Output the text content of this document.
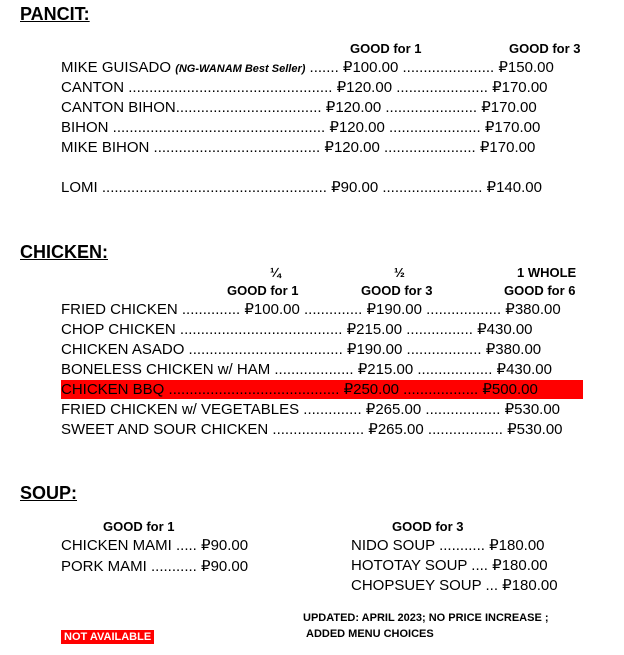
PANCIT:
GOOD for 1	GOOD for 3
MIKE GUISADO (NG-WANAM Best Seller) ....... ₽100.00 ...................... ₽150.00
CANTON ................................................. ₽120.00 ...................... ₽170.00
CANTON BIHON................................... ₽120.00 ...................... ₽170.00
BIHON ................................................... ₽120.00 ...................... ₽170.00
MIKE BIHON ........................................ ₽120.00 ...................... ₽170.00
LOMI ...................................................... ₽90.00 ........................ ₽140.00
CHICKEN:
¼	½	1 WHOLE
GOOD for 1	GOOD for 3	GOOD for 6
FRIED CHICKEN .............. ₽100.00 .............. ₽190.00 .................. ₽380.00
CHOP CHICKEN ....................................... ₽215.00 ................ ₽430.00
CHICKEN ASADO ..................................... ₽190.00 .................. ₽380.00
BONELESS CHICKEN w/ HAM ................... ₽215.00 .................. ₽430.00
CHICKEN BBQ ......................................... ₽250.00 .................. ₽500.00
FRIED CHICKEN w/ VEGETABLES .............. ₽265.00 .................. ₽530.00
SWEET AND SOUR CHICKEN ...................... ₽265.00 .................. ₽530.00
SOUP:
GOOD for 1	GOOD for 3
CHICKEN MAMI ..... ₽90.00
PORK MAMI ........... ₽90.00
NIDO SOUP ........... ₽180.00
HOTOTAY SOUP .... ₽180.00
CHOPSUEY SOUP ... ₽180.00
UPDATED: APRIL 2023; NO PRICE INCREASE ;
ADDED MENU CHOICES
NOT AVAILABLE
